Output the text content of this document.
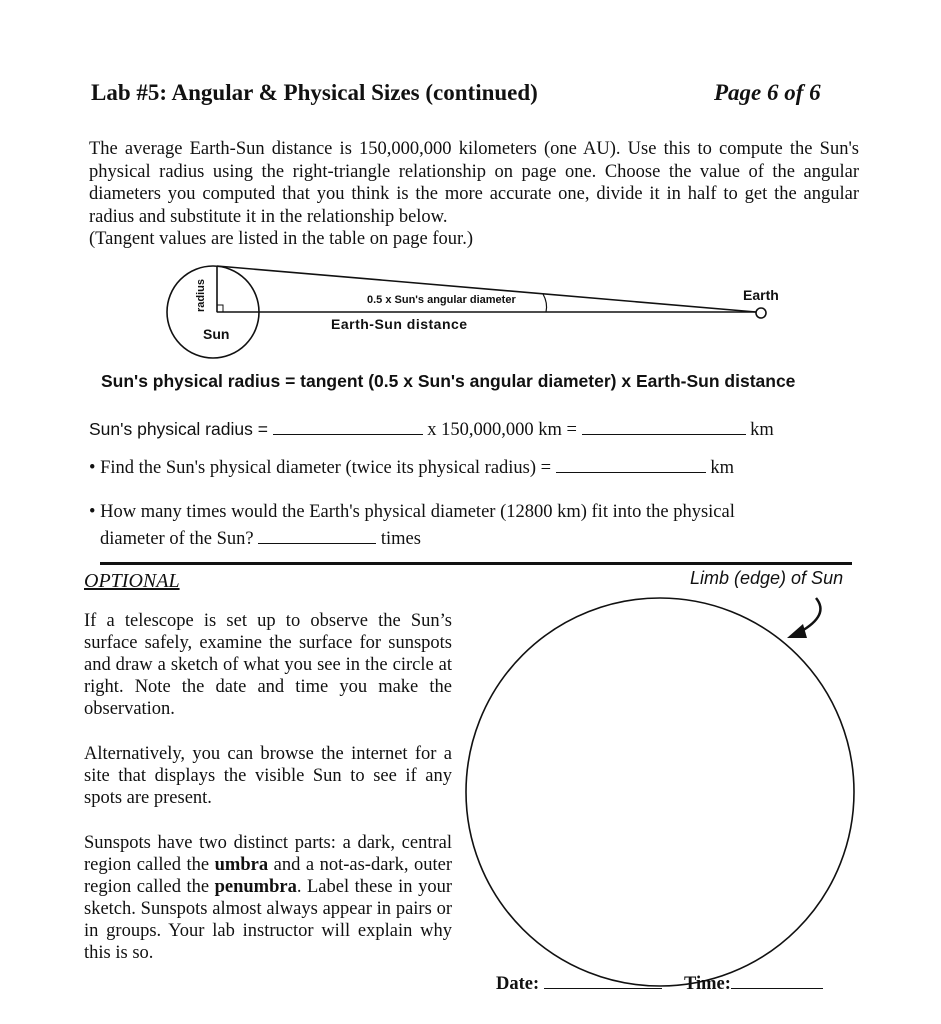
Lab #5: Angular & Physical Sizes (continued)	Page 6 of 6
The average Earth-Sun distance is 150,000,000 kilometers (one AU). Use this to compute the Sun's physical radius using the right-triangle relationship on page one. Choose the value of the angular diameters you computed that you think is the more accurate one, divide it in half to get the angular radius and substitute it in the relationship below.
(Tangent values are listed in the table on page four.)
radius	0.5 x Sun's angular diameter	Earth
Earth-Sun distance
Sun
Sun's physical radius = tangent (0.5 x Sun's angular diameter) x Earth-Sun distance
Sun's physical radius =	x 150,000,000 km =	km
• Find the Sun's physical diameter (twice its physical radius) =	km
• How many times would the Earth's physical diameter (12800 km) fit into the physical
diameter of the Sun?	times
OPTIONAL	Limb (edge) of Sun
If a telescope is set up to observe the Sun’s surface safely, examine the surface for sunspots and draw a sketch of what you see in the circle at right. Note the date and time you make the observation.
Alternatively, you can browse the internet for a site that displays the visible Sun to see if any spots are present.
Sunspots have two distinct parts: a dark, central region called the umbra and a not-as-dark, outer region called the penumbra. Label these in your sketch. Sunspots almost always appear in pairs or in groups. Your lab instructor will explain why this is so.
Date:	Time:
